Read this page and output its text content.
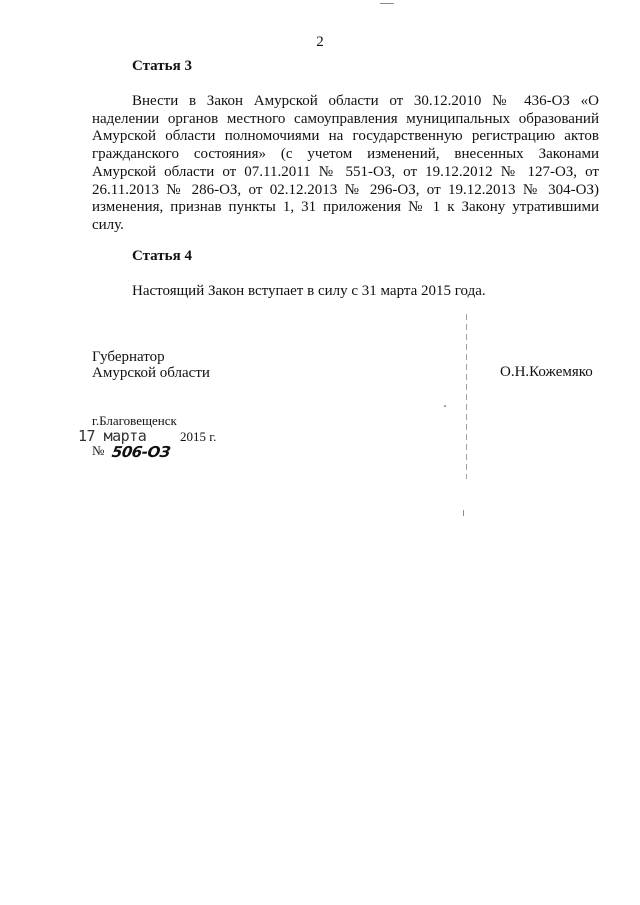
2
Статья 3
Внести в Закон Амурской области от 30.12.2010 № 436-ОЗ «О
наделении органов местного самоуправления муниципальных образований
Амурской области полномочиями на государственную регистрацию актов
гражданского состояния» (с учетом изменений, внесенных Законами
Амурской области от 07.11.2011 № 551-ОЗ, от 19.12.2012 № 127-ОЗ, от
26.11.2013 № 286-ОЗ, от 02.12.2013 № 296-ОЗ, от 19.12.2013 № 304-ОЗ)
изменения, признав пункты 1, 31 приложения № 1 к Закону утратившими
силу.
Статья 4

Настоящий Закон вступает в силу с 31 марта 2015 года.

Губернатор
Амурской области	О.Н.Кожемяко
г.Благовещенск
17 марта	2015 г.
№ 506-ОЗ
